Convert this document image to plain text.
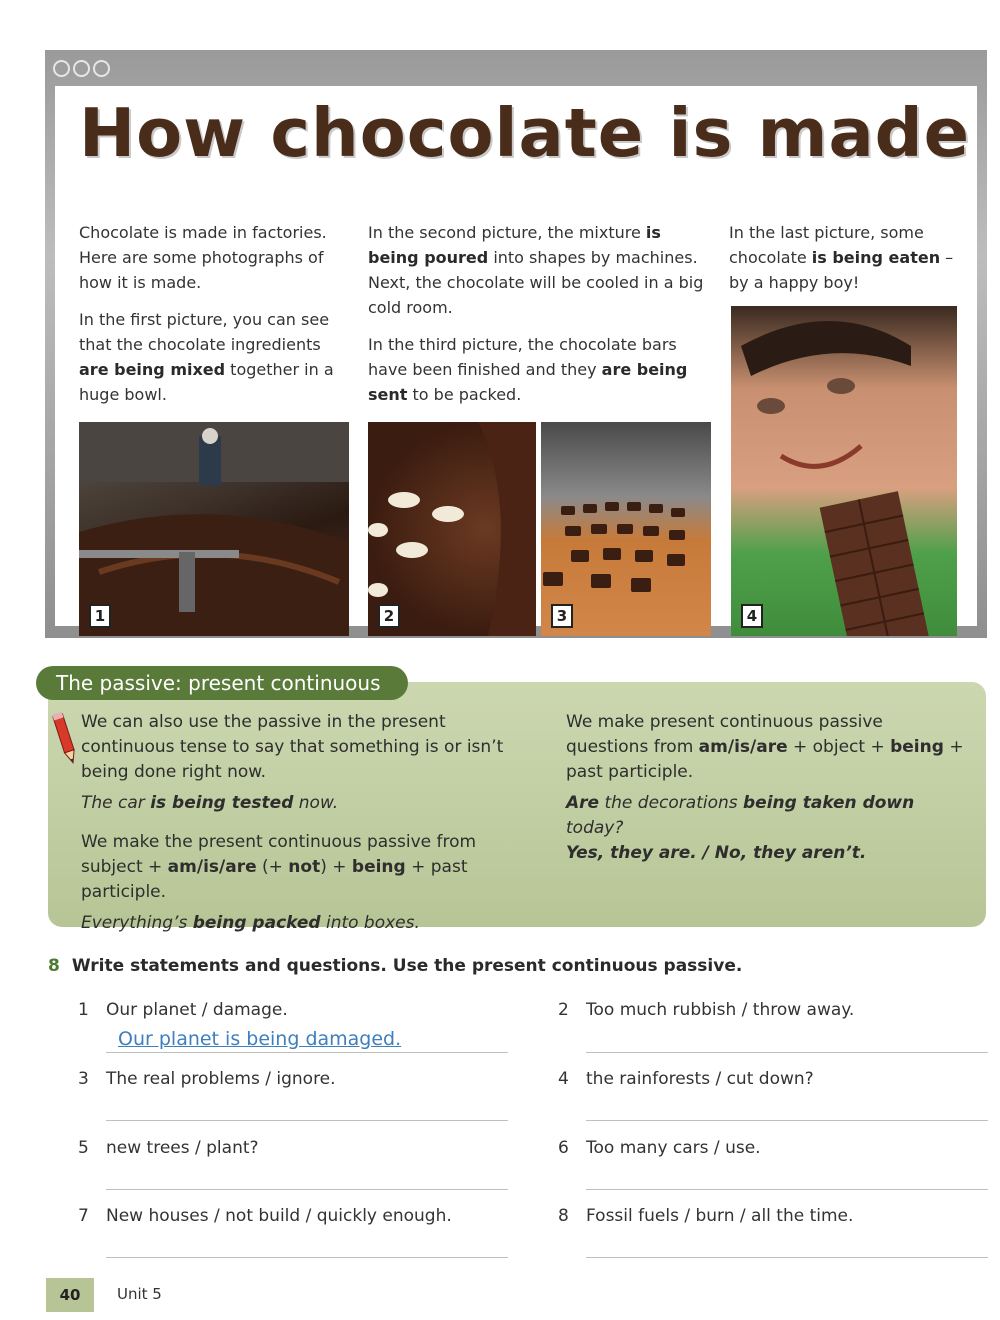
How chocolate is made

Chocolate is made in factories. Here are some photographs of how it is made.

In the first picture, you can see that the chocolate ingredients are being mixed together in a huge bowl.

In the second picture, the mixture is being poured into shapes by machines. Next, the chocolate will be cooled in a big cold room.

In the third picture, the chocolate bars have been finished and they are being sent to be packed.

In the last picture, some chocolate is being eaten – by a happy boy!

1	2	3	4
The passive: present continuous

We can also use the passive in the present continuous tense to say that something is or isn’t being done right now.

The car is being tested now.

We make the present continuous passive from subject + am/is/are (+ not) + being + past participle.

Everything’s being packed into boxes.

We make present continuous passive questions from am/is/are + object + being + past participle.

Are the decorations being taken down today?

Yes, they are. / No, they aren’t.

8 Write statements and questions. Use the present continuous passive.
1 Our planet / damage.	2 Too much rubbish / throw away.
Our planet is being damaged.
3 The real problems / ignore.	4 the rainforests / cut down?
5 new trees / plant?	6 Too many cars / use.
7 New houses / not build / quickly enough.	8 Fossil fuels / burn / all the time.
40	Unit 5
